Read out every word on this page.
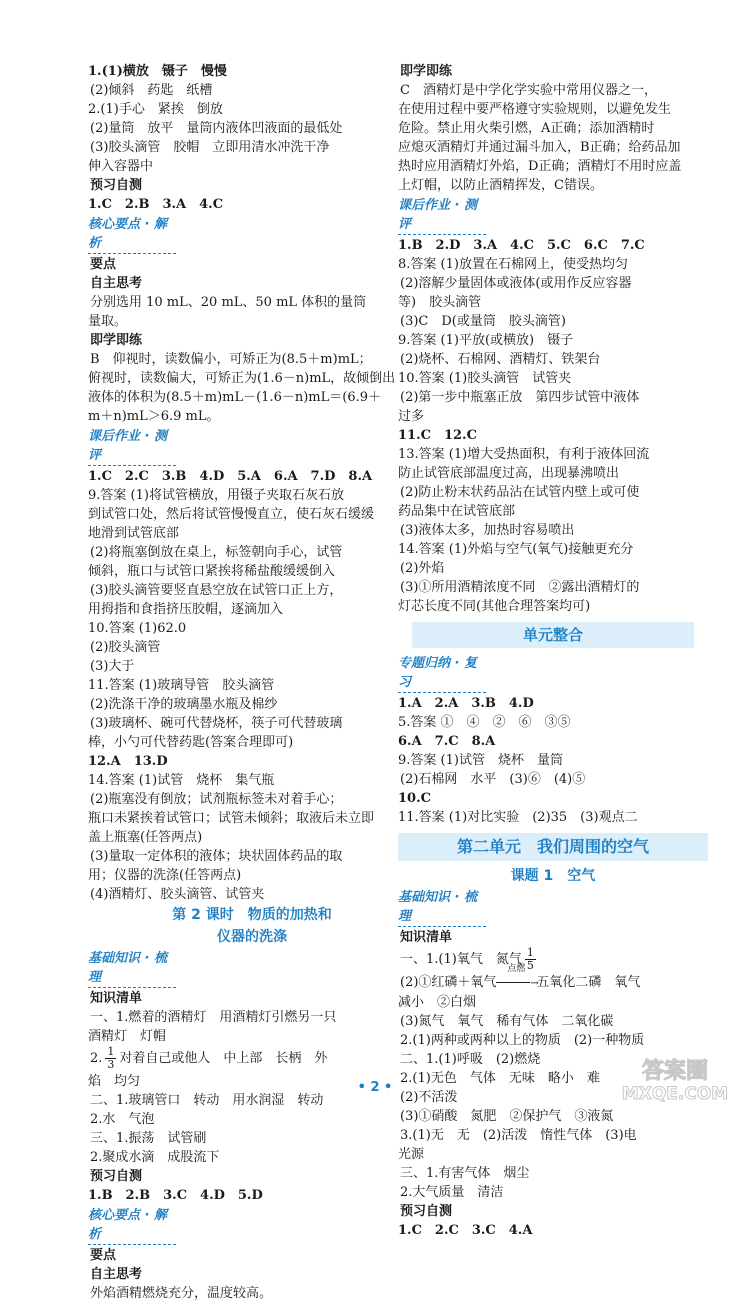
1.(1)横放　镊子　慢慢
(2)倾斜　药匙　纸槽
2.(1)手心　紧挨　倒放
(2)量筒　放平　量筒内液体凹液面的最低处
(3)胶头滴管　胶帽　立即用清水冲洗干净
伸入容器中
预习自测
1.C　2.B　3.A　4.C
核心要点 · 解析
要点
自主思考
分别选用 10 mL、20 mL、50 mL 体积的量筒
量取。
即学即练
B　仰视时，读数偏小，可矫正为(8.5＋m)mL；
俯视时，读数偏大，可矫正为(1.6－n)mL，故倾倒出
液体的体积为(8.5＋m)mL－(1.6－n)mL＝(6.9＋
m＋n)mL＞6.9 mL。
课后作业 · 测评
1.C　2.C　3.B　4.D　5.A　6.A　7.D　8.A
9.答案 (1)将试管横放，用镊子夹取石灰石放
到试管口处，然后将试管慢慢直立，使石灰石缓缓
地滑到试管底部
(2)将瓶塞倒放在桌上，标签朝向手心，试管
倾斜，瓶口与试管口紧挨将稀盐酸缓缓倒入
(3)胶头滴管要竖直悬空放在试管口正上方，
用拇指和食指挤压胶帽，逐滴加入
10.答案 (1)62.0
(2)胶头滴管
(3)大于
11.答案 (1)玻璃导管　胶头滴管
(2)洗涤干净的玻璃墨水瓶及棉纱
(3)玻璃杯、碗可代替烧杯，筷子可代替玻璃
棒，小勺可代替药匙(答案合理即可)
12.A　13.D
14.答案 (1)试管　烧杯　集气瓶
(2)瓶塞没有倒放；试剂瓶标签未对着手心；
瓶口未紧挨着试管口；试管未倾斜；取液后未立即
盖上瓶塞(任答两点)
(3)量取一定体积的液体；块状固体药品的取
用；仪器的洗涤(任答两点)
(4)酒精灯、胶头滴管、试管夹
第 2 课时　物质的加热和
仪器的洗涤
基础知识 · 梳理
知识清单
一、1.燃着的酒精灯　用酒精灯引燃另一只
酒精灯　灯帽
2. $\frac{1}{3}$ 对着自己或他人　中上部　长柄　外
焰　均匀
二、1.玻璃管口　转动　用水润湿　转动
2.水　气泡
三、1.振荡　试管刷
2.聚成水滴　成股流下
预习自测
1.B　2.B　3.C　4.D　5.D
核心要点 · 解析
要点
自主思考
外焰酒精燃烧充分，温度较高。
即学即练
C　酒精灯是中学化学实验中常用仪器之一，
在使用过程中要严格遵守实验规则，以避免发生
危险。禁止用火柴引燃，A正确；添加酒精时
应熄灭酒精灯并通过漏斗加入，B正确；给药品加
热时应用酒精灯外焰，D正确；酒精灯不用时应盖
上灯帽，以防止酒精挥发，C错误。
课后作业 · 测评
1.B　2.D　3.A　4.C　5.C　6.C　7.C
8.答案 (1)放置在石棉网上，使受热均匀
(2)溶解少量固体或液体(或用作反应容器
等)　胶头滴管
(3)C　D(或量筒　胶头滴管)
9.答案 (1)平放(或横放)　镊子
(2)烧杯、石棉网、酒精灯、铁架台
10.答案 (1)胶头滴管　试管夹
(2)第一步中瓶塞正放　第四步试管中液体
过多
11.C　12.C
13.答案 (1)增大受热面积，有利于液体回流
防止试管底部温度过高，出现暴沸喷出
(2)防止粉末状药品沾在试管内壁上或可使
药品集中在试管底部
(3)液体太多，加热时容易喷出
14.答案 (1)外焰与空气(氧气)接触更充分
(2)外焰
(3)①所用酒精浓度不同　②露出酒精灯的
灯芯长度不同(其他合理答案均可)
单元整合
专题归纳 · 复习
1.A　2.A　3.B　4.D
5.答案 ①　④　②　⑥　③⑤
6.A　7.C　8.A
9.答案 (1)试管　烧杯　量筒
(2)石棉网　水平　(3)⑥　(4)⑤
10.C
11.答案 (1)对比实验　(2)35　(3)观点二
第二单元　我们周围的空气
课题 1　空气
基础知识 · 梳理
知识清单
一、1.(1)氧气　氮气 $\frac{1}{5}$
(2)①红磷＋氧气
点燃
→五氧化二磷　氧气
减小　②白烟
(3)氮气　氧气　稀有气体　二氧化碳
2.(1)两种或两种以上的物质　(2)一种物质
二、1.(1)呼吸　(2)燃烧
2.(1)无色　气体　无味　略小　难
(2)不活泼
(3)①硝酸　氮肥　②保护气　③液氮
3.(1)无　无　(2)活泼　惰性气体　(3)电
光源
三、1.有害气体　烟尘
2.大气质量　清洁
预习自测
1.C　2.C　3.C　4.A
• 2 •
答案圈
MXQE.COM
